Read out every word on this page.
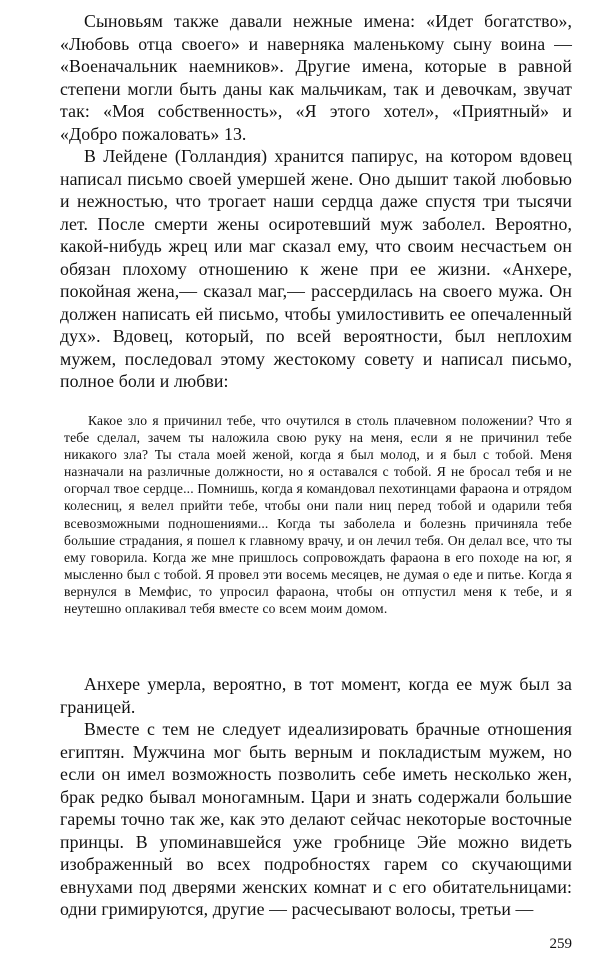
Сыновьям также давали нежные имена: «Идет богатство», «Любовь отца своего» и наверняка маленькому сыну воина — «Военачальник наемников». Другие имена, которые в равной степени могли быть даны как мальчикам, так и девочкам, звучат так: «Моя собственность», «Я этого хотел», «Приятный» и «Добро пожаловать» 13.

В Лейдене (Голландия) хранится папирус, на котором вдовец написал письмо своей умершей жене. Оно дышит такой любовью и нежностью, что трогает наши сердца даже спустя три тысячи лет. После смерти жены осиротевший муж заболел. Вероятно, какой-нибудь жрец или маг сказал ему, что своим несчастьем он обязан плохому отношению к жене при ее жизни. «Анхере, покойная жена,— сказал маг,— рассердилась на своего мужа. Он должен написать ей письмо, чтобы умилостивить ее опечаленный дух». Вдовец, который, по всей вероятности, был неплохим мужем, последовал этому жестокому совету и написал письмо, полное боли и любви:

Какое зло я причинил тебе, что очутился в столь плачевном положении? Что я тебе сделал, зачем ты наложила свою руку на меня, если я не причинил тебе никакого зла? Ты стала моей женой, когда я был молод, и я был с тобой. Меня назначали на различные должности, но я оставался с тобой. Я не бросал тебя и не огорчал твое сердце... Помнишь, когда я командовал пехотинцами фараона и отрядом колесниц, я велел прийти тебе, чтобы они пали ниц перед тобой и одарили тебя всевозможными подношениями... Когда ты заболела и болезнь причиняла тебе большие страдания, я пошел к главному врачу, и он лечил тебя. Он делал все, что ты ему говорила. Когда же мне пришлось сопровождать фараона в его походе на юг, я мысленно был с тобой. Я провел эти восемь месяцев, не думая о еде и питье. Когда я вернулся в Мемфис, то упросил фараона, чтобы он отпустил меня к тебе, и я неутешно оплакивал тебя вместе со всем моим домом.

Анхере умерла, вероятно, в тот момент, когда ее муж был за границей.

Вместе с тем не следует идеализировать брачные отношения египтян. Мужчина мог быть верным и покладистым мужем, но если он имел возможность позволить себе иметь несколько жен, брак редко бывал моногамным. Цари и знать содержали большие гаремы точно так же, как это делают сейчас некоторые восточные принцы. В упоминавшейся уже гробнице Эйе можно видеть изображенный во всех подробностях гарем со скучающими евнухами под дверями женских комнат и с его обитательницами: одни гримируются, другие — расчесывают волосы, третьи —

259
